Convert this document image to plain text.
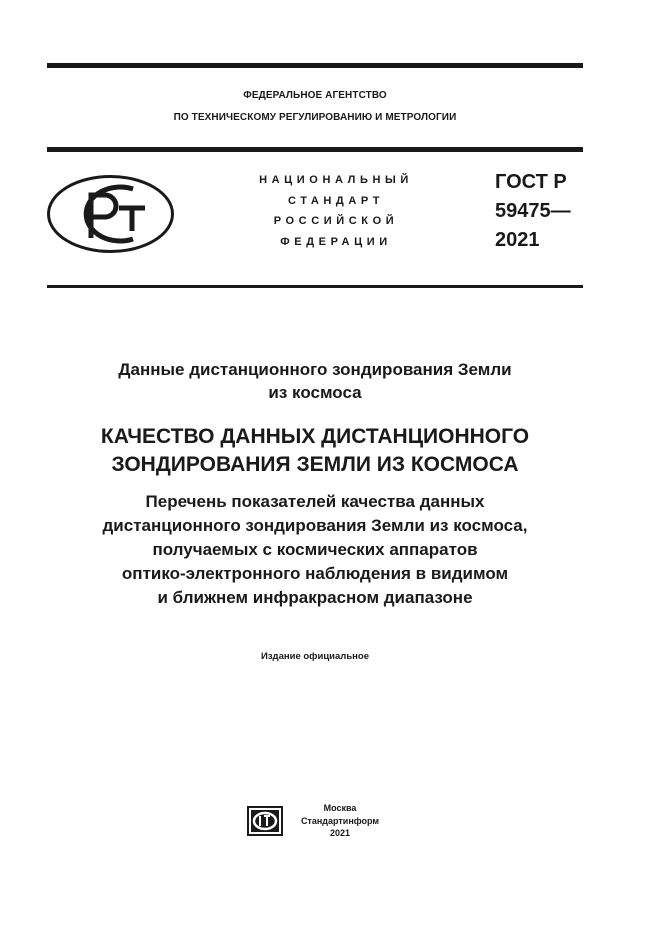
ФЕДЕРАЛЬНОЕ АГЕНТСТВО
ПО ТЕХНИЧЕСКОМУ РЕГУЛИРОВАНИЮ И МЕТРОЛОГИИ
НАЦИОНАЛЬНЫЙ
СТАНДАРТ
РОССИЙСКОЙ
ФЕДЕРАЦИИ
ГОСТ Р
59475—
2021
Данные дистанционного зондирования Земли
из космоса
КАЧЕСТВО ДАННЫХ ДИСТАНЦИОННОГО
ЗОНДИРОВАНИЯ ЗЕМЛИ ИЗ КОСМОСА
Перечень показателей качества данных
дистанционного зондирования Земли из космоса,
получаемых с космических аппаратов
оптико-электронного наблюдения в видимом
и ближнем инфракрасном диапазоне
Издание официальное
Москва
Стандартинформ
2021
